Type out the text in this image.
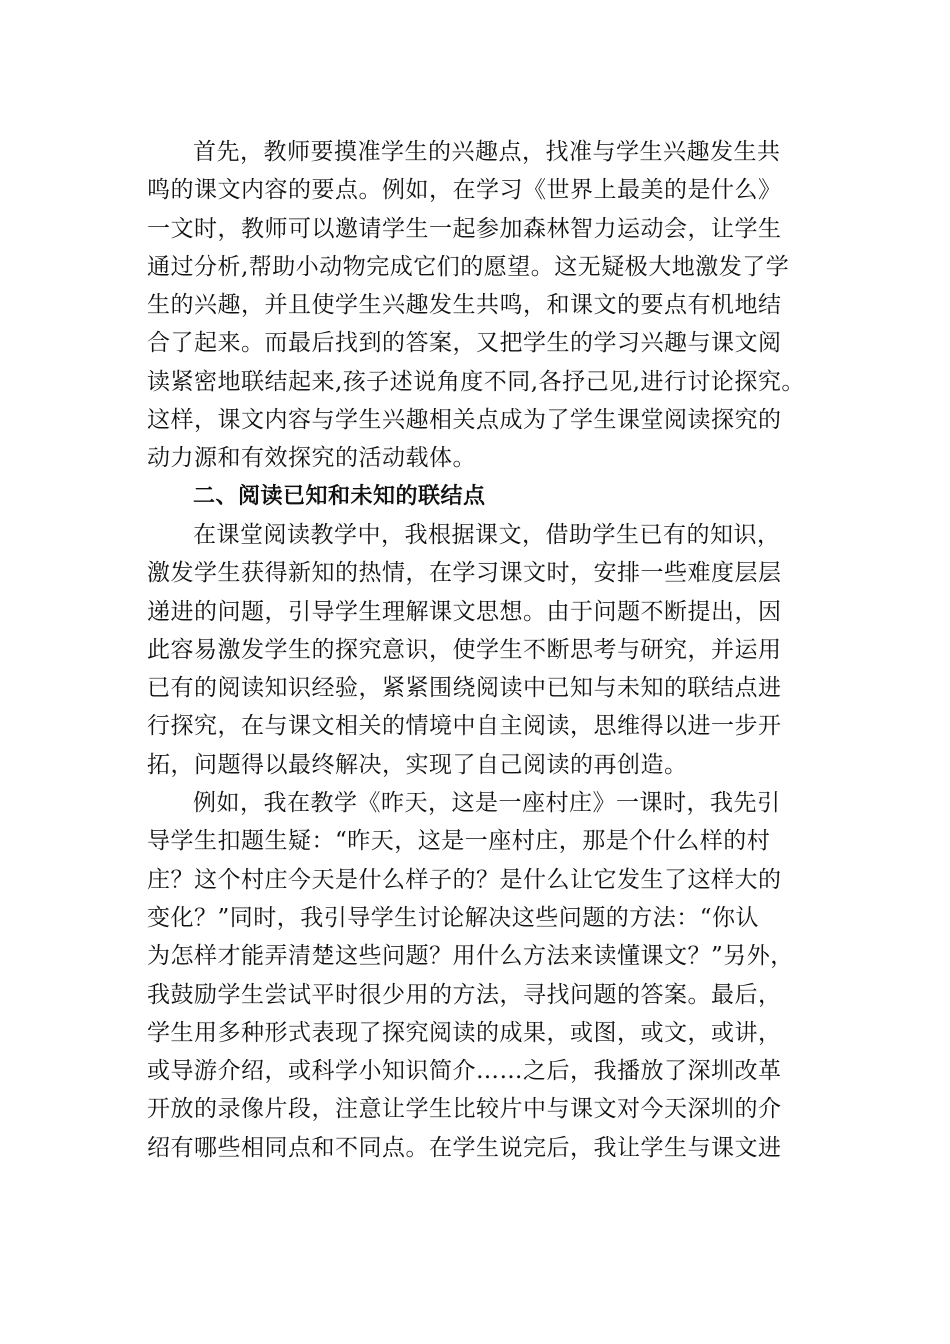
首先，教师要摸准学生的兴趣点，找准与学生兴趣发生共
鸣的课文内容的要点。例如，在学习《世界上最美的是什么》
一文时，教师可以邀请学生一起参加森林智力运动会，让学生
通过分析,帮助小动物完成它们的愿望。这无疑极大地激发了学
生的兴趣，并且使学生兴趣发生共鸣，和课文的要点有机地结
合了起来。而最后找到的答案，又把学生的学习兴趣与课文阅
读紧密地联结起来,孩子述说角度不同,各抒己见,进行讨论探究。
这样，课文内容与学生兴趣相关点成为了学生课堂阅读探究的
动力源和有效探究的活动载体。
二、阅读已知和未知的联结点
在课堂阅读教学中，我根据课文，借助学生已有的知识，
激发学生获得新知的热情，在学习课文时，安排一些难度层层
递进的问题，引导学生理解课文思想。由于问题不断提出，因
此容易激发学生的探究意识，使学生不断思考与研究，并运用
已有的阅读知识经验，紧紧围绕阅读中已知与未知的联结点进
行探究，在与课文相关的情境中自主阅读，思维得以进一步开
拓，问题得以最终解决，实现了自己阅读的再创造。
例如，我在教学《昨天，这是一座村庄》一课时，我先引
导学生扣题生疑：“昨天，这是一座村庄，那是个什么样的村
庄？这个村庄今天是什么样子的？是什么让它发生了这样大的
变化？”同时，我引导学生讨论解决这些问题的方法：“你认
为怎样才能弄清楚这些问题？用什么方法来读懂课文？”另外，
我鼓励学生尝试平时很少用的方法，寻找问题的答案。最后，
学生用多种形式表现了探究阅读的成果，或图，或文，或讲，
或导游介绍，或科学小知识简介……之后，我播放了深圳改革
开放的录像片段，注意让学生比较片中与课文对今天深圳的介
绍有哪些相同点和不同点。在学生说完后，我让学生与课文进
